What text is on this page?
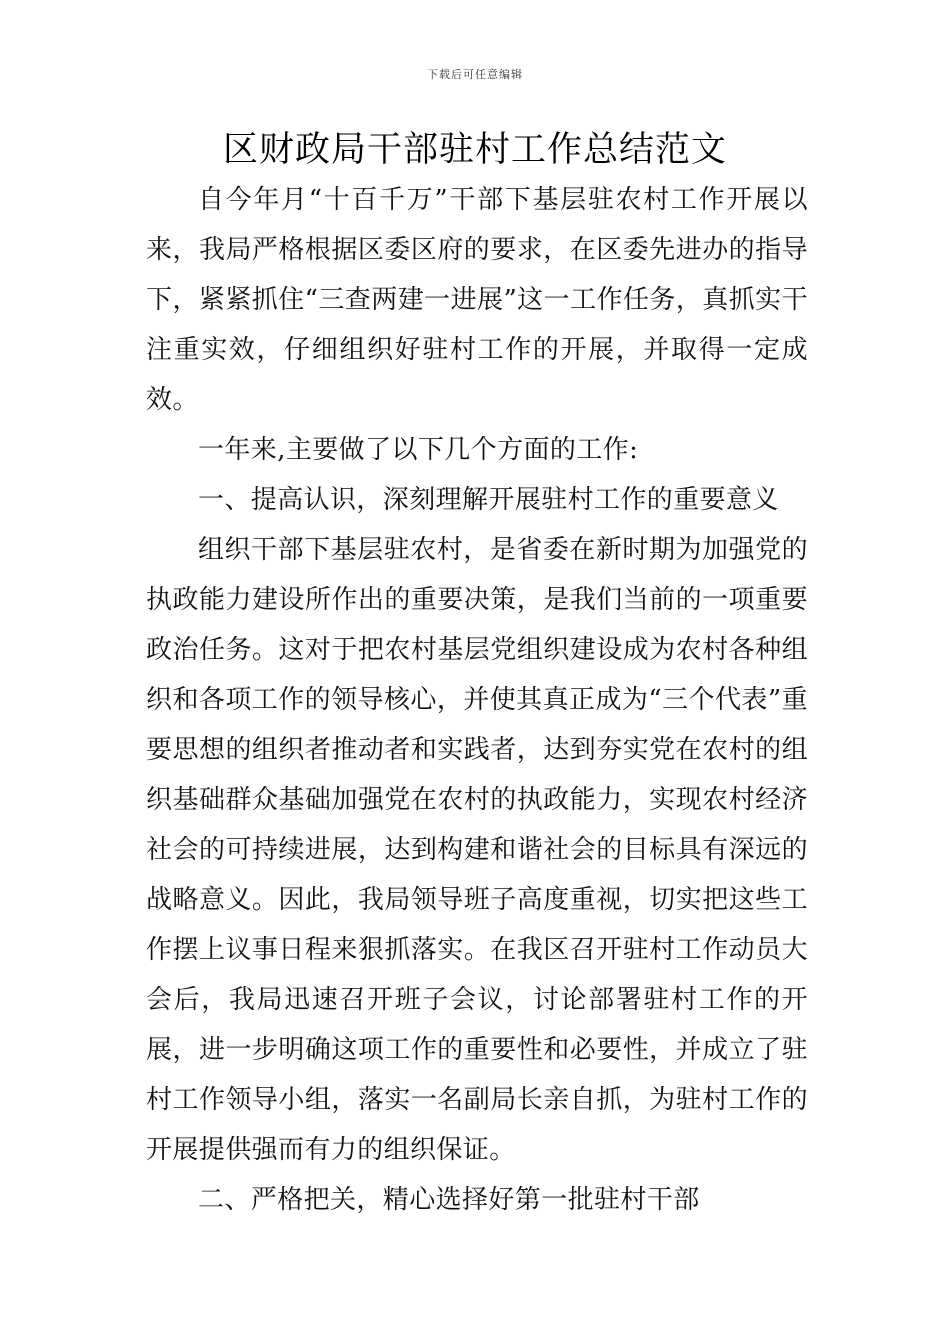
下载后可任意编辑
区财政局干部驻村工作总结范文

自今年月“十百千万”干部下基层驻农村工作开展以来，我局严格根据区委区府的要求，在区委先进办的指导下，紧紧抓住“三查两建一进展”这一工作任务，真抓实干注重实效，仔细组织好驻村工作的开展，并取得一定成效。

一年来,主要做了以下几个方面的工作:

一、提高认识，深刻理解开展驻村工作的重要意义

组织干部下基层驻农村，是省委在新时期为加强党的执政能力建设所作出的重要决策，是我们当前的一项重要政治任务。这对于把农村基层党组织建设成为农村各种组织和各项工作的领导核心，并使其真正成为“三个代表”重要思想的组织者推动者和实践者，达到夯实党在农村的组织基础群众基础加强党在农村的执政能力，实现农村经济社会的可持续进展，达到构建和谐社会的目标具有深远的战略意义。因此，我局领导班子高度重视，切实把这些工作摆上议事日程来狠抓落实。在我区召开驻村工作动员大会后，我局迅速召开班子会议，讨论部署驻村工作的开展，进一步明确这项工作的重要性和必要性，并成立了驻村工作领导小组，落实一名副局长亲自抓，为驻村工作的开展提供强而有力的组织保证。

二、严格把关，精心选择好第一批驻村干部
